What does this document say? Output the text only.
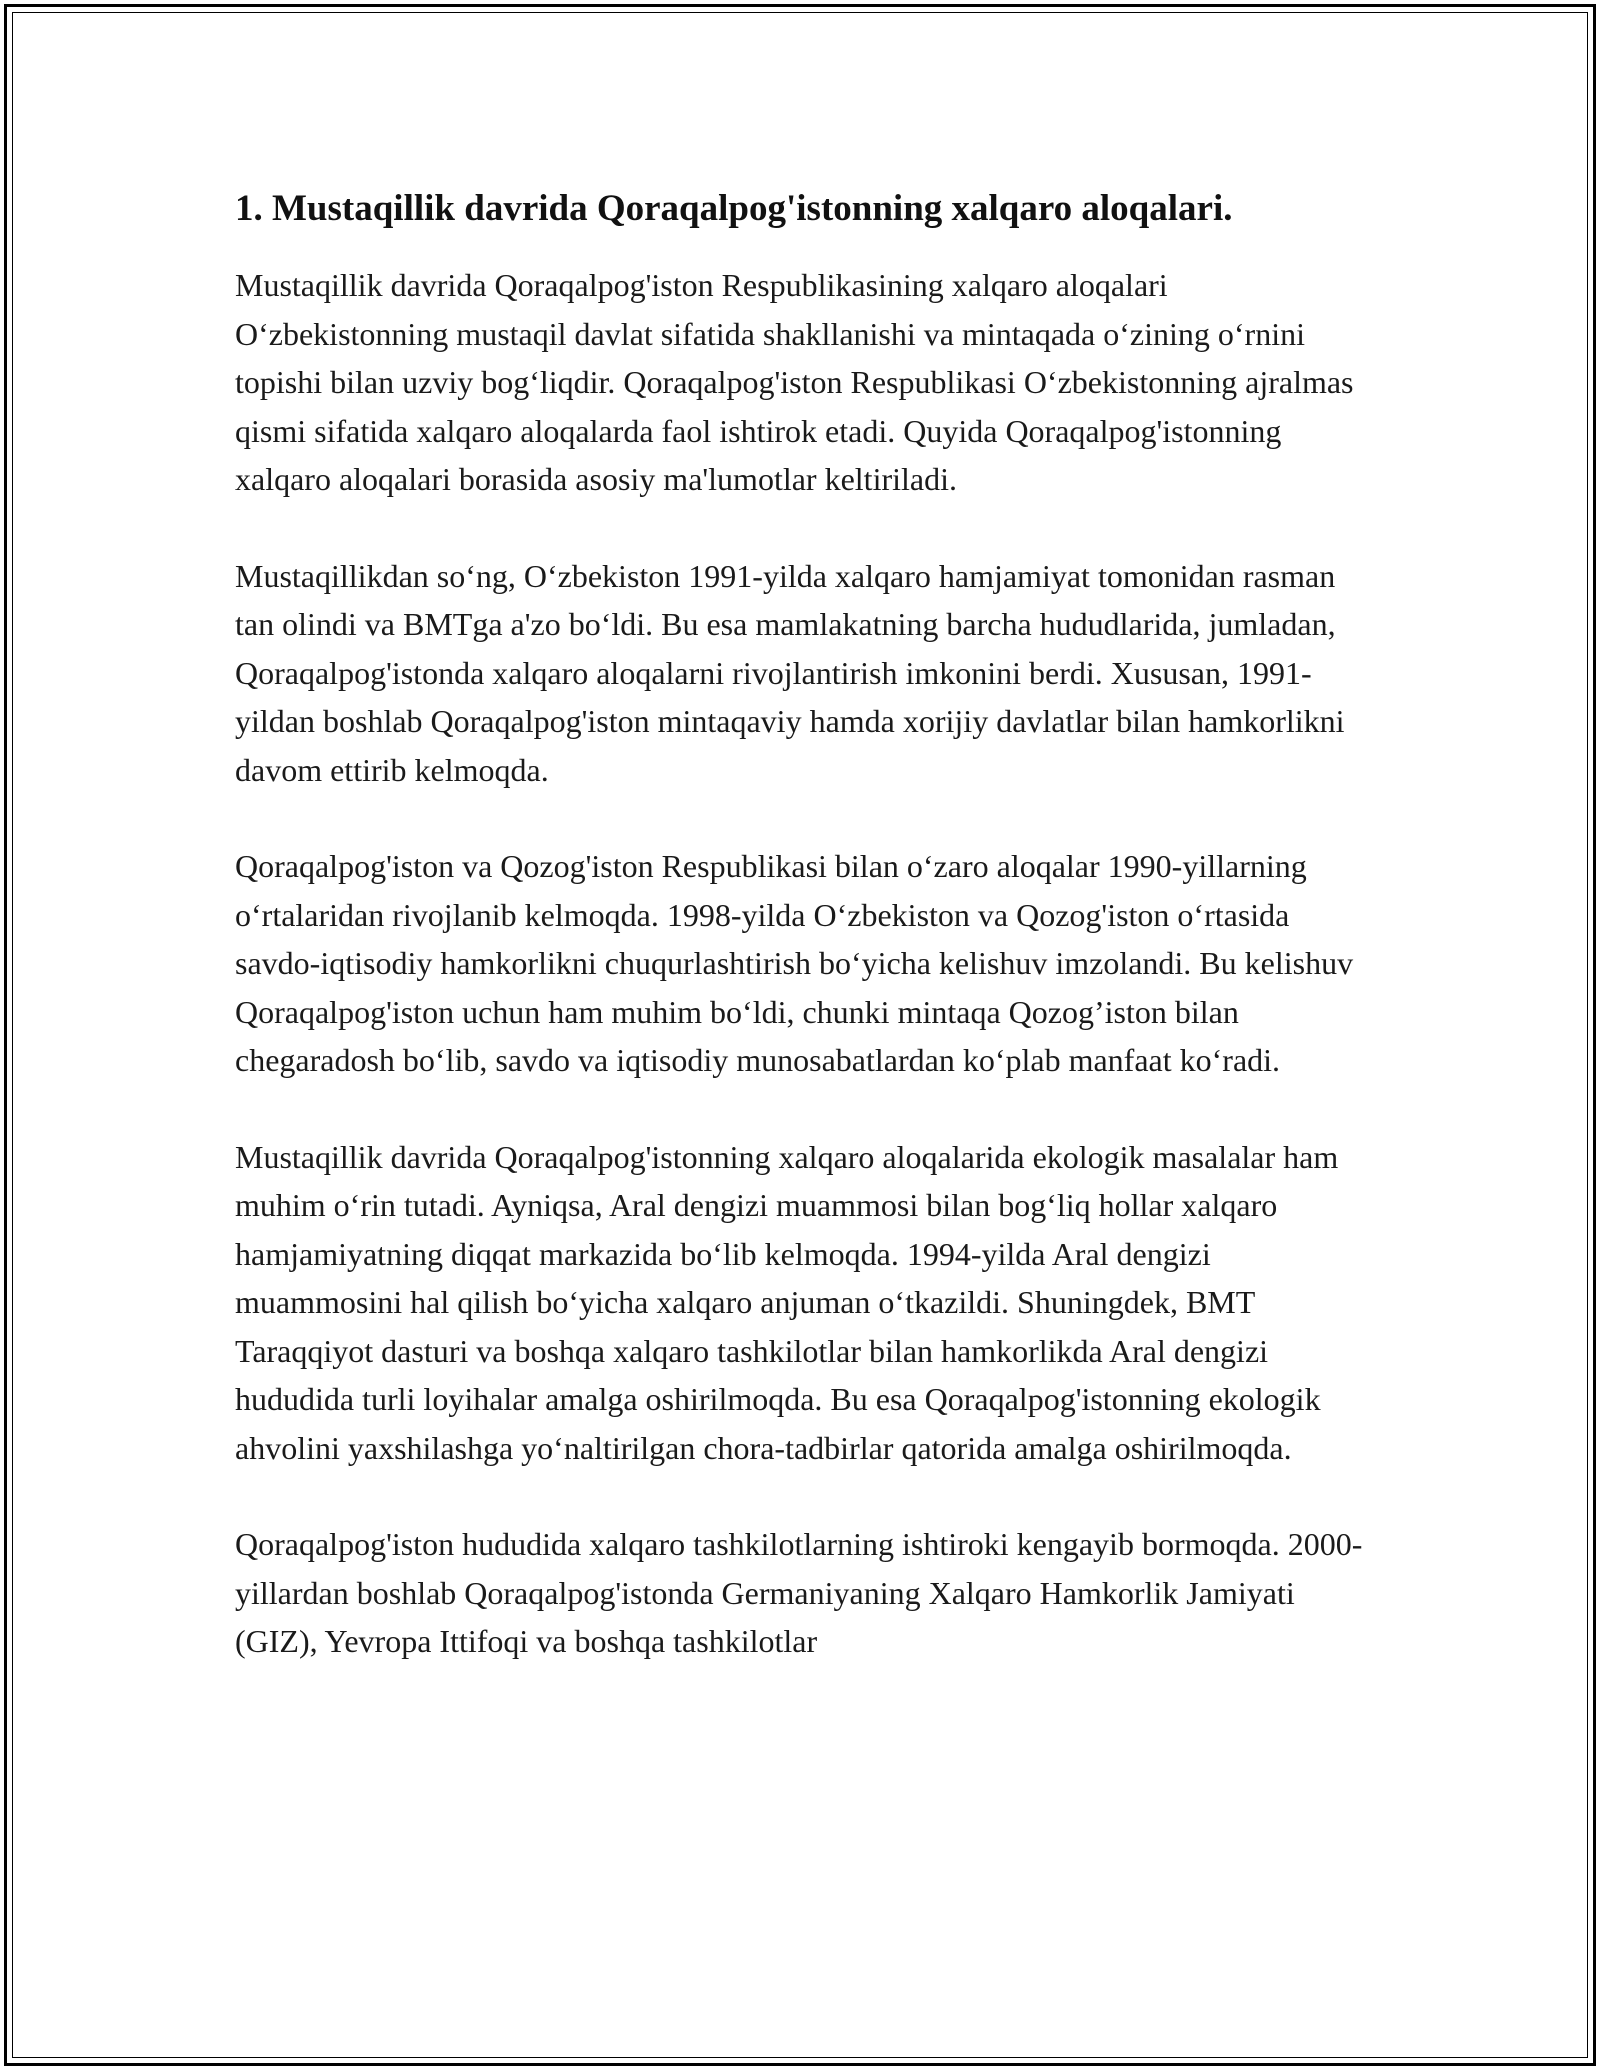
1. Mustaqillik davrida Qoraqalpog'istonning xalqaro aloqalari.

Mustaqillik davrida Qoraqalpog'iston Respublikasining xalqaro aloqalari O‘zbekistonning mustaqil davlat sifatida shakllanishi va mintaqada o‘zining o‘rnini topishi bilan uzviy bog‘liqdir. Qoraqalpog'iston Respublikasi O‘zbekistonning ajralmas qismi sifatida xalqaro aloqalarda faol ishtirok etadi. Quyida Qoraqalpog'istonning xalqaro aloqalari borasida asosiy ma'lumotlar keltiriladi.

Mustaqillikdan so‘ng, O‘zbekiston 1991-yilda xalqaro hamjamiyat tomonidan rasman tan olindi va BMTga a'zo bo‘ldi. Bu esa mamlakatning barcha hududlarida, jumladan, Qoraqalpog'istonda xalqaro aloqalarni rivojlantirish imkonini berdi. Xususan, 1991-yildan boshlab Qoraqalpog'iston mintaqaviy hamda xorijiy davlatlar bilan hamkorlikni davom ettirib kelmoqda.

Qoraqalpog'iston va Qozog'iston Respublikasi bilan o‘zaro aloqalar 1990-yillarning o‘rtalaridan rivojlanib kelmoqda. 1998-yilda O‘zbekiston va Qozog'iston o‘rtasida savdo-iqtisodiy hamkorlikni chuqurlashtirish bo‘yicha kelishuv imzolandi. Bu kelishuv Qoraqalpog'iston uchun ham muhim bo‘ldi, chunki mintaqa Qozog’iston bilan chegaradosh bo‘lib, savdo va iqtisodiy munosabatlardan ko‘plab manfaat ko‘radi.

Mustaqillik davrida Qoraqalpog'istonning xalqaro aloqalarida ekologik masalalar ham muhim o‘rin tutadi. Ayniqsa, Aral dengizi muammosi bilan bog‘liq hollar xalqaro hamjamiyatning diqqat markazida bo‘lib kelmoqda. 1994-yilda Aral dengizi muammosini hal qilish bo‘yicha xalqaro anjuman o‘tkazildi. Shuningdek, BMT Taraqqiyot dasturi va boshqa xalqaro tashkilotlar bilan hamkorlikda Aral dengizi hududida turli loyihalar amalga oshirilmoqda. Bu esa Qoraqalpog'istonning ekologik ahvolini yaxshilashga yo‘naltirilgan chora-tadbirlar qatorida amalga oshirilmoqda.

Qoraqalpog'iston hududida xalqaro tashkilotlarning ishtiroki kengayib bormoqda. 2000-yillardan boshlab Qoraqalpog'istonda Germaniyaning Xalqaro Hamkorlik Jamiyati (GIZ), Yevropa Ittifoqi va boshqa tashkilotlar
